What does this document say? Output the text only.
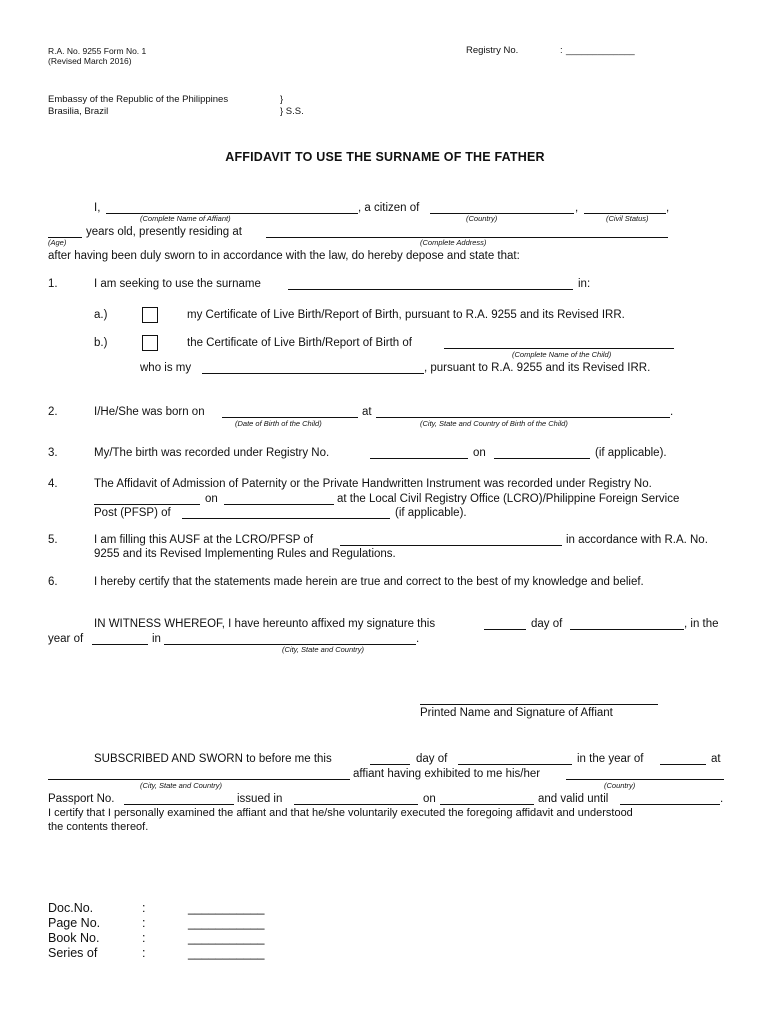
R.A. No. 9255 Form No. 1
(Revised March 2016)
Registry No.	: _____________
Embassy of the Republic of the Philippines
Brasilia, Brazil
}
} S.S.
AFFIDAVIT TO USE THE SURNAME OF THE FATHER
I,	, a citizen of	,	,
(Complete Name of Affiant)	(Country)	(Civil Status)
years old, presently residing at
(Age)	(Complete Address)
after having been duly sworn to in accordance with the law, do hereby depose and state that:
1.	I am seeking to use the surname	in:
a.)	my Certificate of Live Birth/Report of Birth, pursuant to R.A. 9255 and its Revised IRR.
b.)	the Certificate of Live Birth/Report of Birth of
(Complete Name of the Child)
who is my	, pursuant to R.A. 9255 and its Revised IRR.
2.	I/He/She was born on	at	.
(Date of Birth of the Child)	(City, State and Country of Birth of the Child)
3.	My/The birth was recorded under Registry No.	on	(if applicable).
4.	The Affidavit of Admission of Paternity or the Private Handwritten Instrument was recorded under Registry No.
on	at the Local Civil Registry Office (LCRO)/Philippine Foreign Service
Post (PFSP) of	(if applicable).
5.	I am filling this AUSF at the LCRO/PFSP of	in accordance with R.A. No.
9255 and its Revised Implementing Rules and Regulations.
6.	I hereby certify that the statements made herein are true and correct to the best of my knowledge and belief.
IN WITNESS WHEREOF, I have hereunto affixed my signature this	day of	, in the
year of	in	.
(City, State and Country)
Printed Name and Signature of Affiant
SUBSCRIBED AND SWORN to before me this	day of	in the year of	at
affiant having exhibited to me his/her
(City, State and Country)	(Country)
Passport No.	issued in	on	and valid until	.
I certify that I personally examined the affiant and that he/she voluntarily executed the foregoing affidavit and understood
the contents thereof.
Doc.No.	:	___________
Page No.	:	___________
Book No.	:	___________
Series of	:	___________
